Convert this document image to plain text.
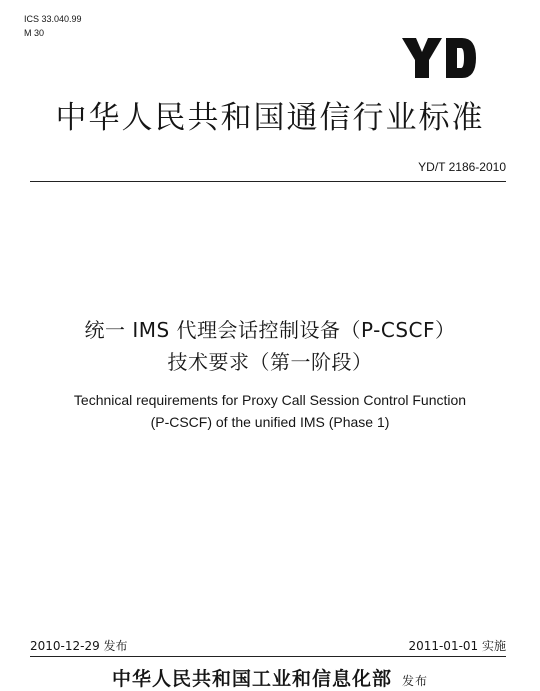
ICS 33.040.99
M 30
中华人民共和国通信行业标准
YD/T 2186-2010
统一 IMS 代理会话控制设备（P-CSCF）
技术要求（第一阶段）
Technical requirements for Proxy Call Session Control Function
(P-CSCF) of the unified IMS (Phase 1)
2010-12-29 发布	2011-01-01 实施
中华人民共和国工业和信息化部 发布
